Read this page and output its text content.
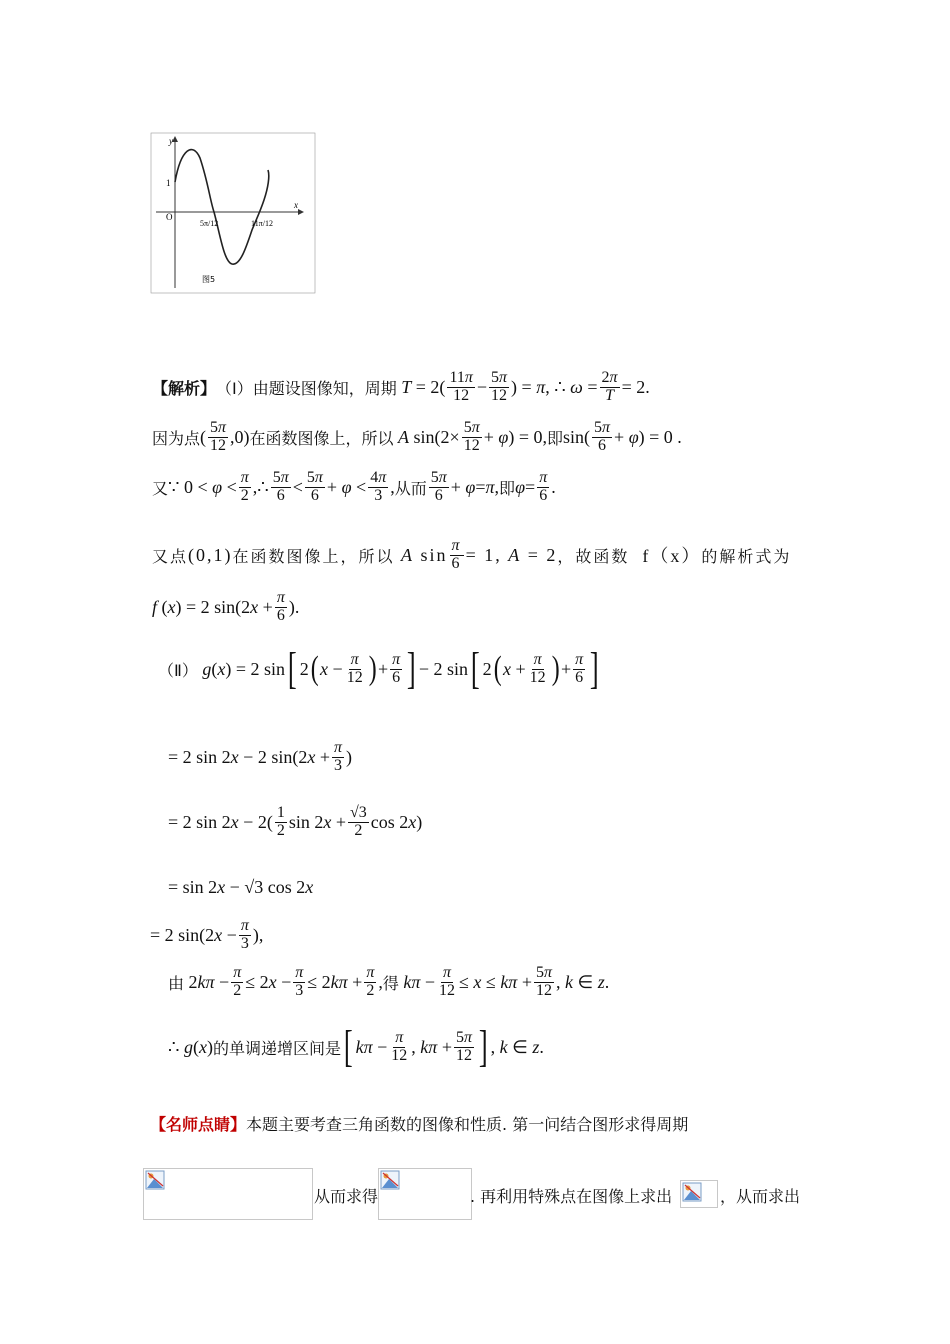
y
x
O
1
5π/12	11π/12
图5
【解析】 （Ⅰ） 由题设图像知，周期 $T = 2( \frac{11\pi}{12} - \frac{5\pi}{12}$ ) = π, ∴ $\omega = \frac{2\pi}{T} = 2$.
因为点 ( $\frac{5\pi}{12} ,0$) 在函数图像上，所以 A $\sin(2\times \frac{5\pi}{12} + \varphi) = 0$, 即 $\sin( \frac{5\pi}{6} + \varphi) = 0$ .
又 ∵ $0 < \varphi < \frac{\pi}{2}$ ,∴ $\frac{5\pi}{6} < \frac{5\pi}{6} + \varphi < \frac{4\pi}{3}$ , 从而 $\frac{5\pi}{6} + \varphi=\pi$, 即 $\varphi= \frac{\pi}{6}$ .
又点 (0,1) 在函数图像上，所以 A $\sin \frac{\pi}{6} = 1$, A = 2 ，故函数 f（x） 的解析式为
f (x) = 2 $\sin(2x + \frac{\pi}{6}$ ).
（Ⅱ） g(x) = 2 sin [ 2 ( $x - \frac{\pi}{12}$ ) + $\frac{\pi}{6}$ ] − 2 sin [ 2 ( $x + \frac{\pi}{12}$ ) + $\frac{\pi}{6}$ ]
= 2 sin 2x − 2 $\sin(2x + \frac{\pi}{3}$ )
= 2 $\sin 2x - 2( \frac{1}{2}$ $\sin 2x + \frac{√3}{2}$ cos 2x)
= sin 2x − √3 cos 2x
= 2 $\sin(2x - \frac{\pi}{3}$ ),
由 $2k\pi - \frac{\pi}{2} \le 2x - \frac{\pi}{3} \le 2k\pi + \frac{\pi}{2}$ , 得 $k\pi - \frac{\pi}{12} \le x \le k\pi + \frac{5\pi}{12}$ , k ∈ z.
∴ g(x) 的单调递增区间是 [ $k\pi - \frac{\pi}{12}$ , $k\pi + \frac{5\pi}{12}$ ] , k ∈ z.
【名师点睛】 本题主要考查三角函数的图像和性质. 第一问结合图形求得周期
从而求得	. 再利用特殊点在图像上求出	，从而求出
